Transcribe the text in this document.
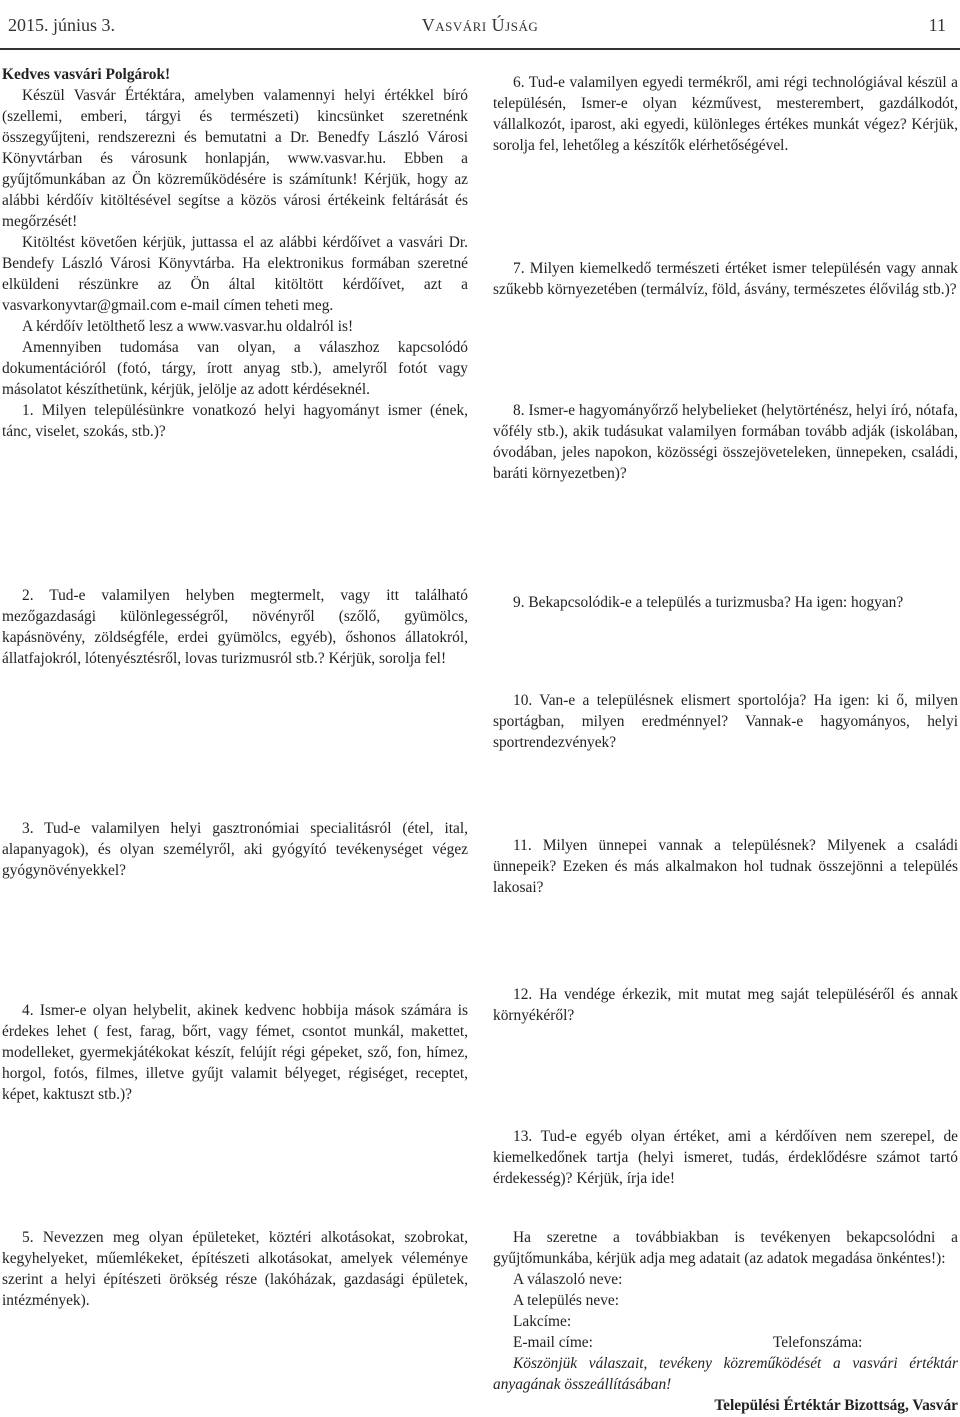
2015. június 3.	Vasvári Újság	11

Kedves vasvári Polgárok!

Készül Vasvár Értéktára, amelyben valamennyi helyi értékkel bíró (szellemi, emberi, tárgyi és természeti) kincsünket szeretnénk összegyűjteni, rendszerezni és bemutatni a Dr. Benedfy László Városi Könyvtárban és városunk honlapján, www.vasvar.hu. Ebben a gyűjtőmunkában az Ön közreműködésére is számítunk! Kérjük, hogy az alábbi kérdőív kitöltésével segítse a közös városi értékeink feltárását és megőrzését!

Kitöltést követően kérjük, juttassa el az alábbi kérdőívet a vasvári Dr. Bendefy László Városi Könyvtárba. Ha elektronikus formában szeretné elküldeni részünkre az Ön által kitöltött kérdőívet, azt a vasvarkonyvtar@gmail.com e-mail címen teheti meg.

A kérdőív letölthető lesz a www.vasvar.hu oldalról is!

Amennyiben tudomása van olyan, a válaszhoz kapcsolódó dokumentációról (fotó, tárgy, írott anyag stb.), amelyről fotót vagy másolatot készíthetünk, kérjük, jelölje az adott kérdéseknél.

1. Milyen településünkre vonatkozó helyi hagyományt ismer (ének, tánc, viselet, szokás, stb.)?

2. Tud-e valamilyen helyben megtermelt, vagy itt található mezőgazdasági különlegességről, növényről (szőlő, gyümölcs, kapásnövény, zöldségféle, erdei gyümölcs, egyéb), őshonos állatokról, állatfajokról, lótenyésztésről, lovas turizmusról stb.? Kérjük, sorolja fel!

3. Tud-e valamilyen helyi gasztronómiai specialitásról (étel, ital, alapanyagok), és olyan személyről, aki gyógyító tevékenységet végez gyógynövényekkel?

4. Ismer-e olyan helybelit, akinek kedvenc hobbija mások számára is érdekes lehet ( fest, farag, bőrt, vagy fémet, csontot munkál, makettet, modelleket, gyermekjátékokat készít, felújít régi gépeket, sző, fon, hímez, horgol, fotós, filmes, illetve gyűjt valamit bélyeget, régiséget, receptet, képet, kaktuszt stb.)?

5. Nevezzen meg olyan épületeket, köztéri alkotásokat, szobrokat, kegyhelyeket, műemlékeket, építészeti alkotásokat, amelyek véleménye szerint a helyi építészeti örökség része (lakóházak, gazdasági épületek, intézmények).

6. Tud-e valamilyen egyedi termékről, ami régi technológiával készül a településén, Ismer-e olyan kézművest, mesterembert, gazdálkodót, vállalkozót, iparost, aki egyedi, különleges értékes munkát végez? Kérjük, sorolja fel, lehetőleg a készítők elérhetőségével.

7. Milyen kiemelkedő természeti értéket ismer településén vagy annak szűkebb környezetében (termálvíz, föld, ásvány, természetes élővilág stb.)?

8. Ismer-e hagyományőrző helybelieket (helytörténész, helyi író, nótafa, vőfély stb.), akik tudásukat valamilyen formában tovább adják (iskolában, óvodában, jeles napokon, közösségi összejöveteleken, ünnepeken, családi, baráti környezetben)?

9. Bekapcsolódik-e a település a turizmusba? Ha igen: hogyan?

10. Van-e a településnek elismert sportolója? Ha igen: ki ő, milyen sportágban, milyen eredménnyel? Vannak-e hagyományos, helyi sportrendezvények?

11. Milyen ünnepei vannak a településnek? Milyenek a családi ünnepeik? Ezeken és más alkalmakon hol tudnak összejönni a település lakosai?

12. Ha vendége érkezik, mit mutat meg saját településéről és annak környékéről?

13. Tud-e egyéb olyan értéket, ami a kérdőíven nem szerepel, de kiemelkedőnek tartja (helyi ismeret, tudás, érdeklődésre számot tartó érdekesség)? Kérjük, írja ide!

Ha szeretne a továbbiakban is tevékenyen bekapcsolódni a gyűjtőmunkába, kérjük adja meg adatait (az adatok megadása önkéntes!):

A válaszoló neve:

A település neve:

Lakcíme:

E-mail címe:	Telefonszáma:

Köszönjük válaszait, tevékeny közreműködését a vasvári értéktár anyagának összeállításában!

Települési Értéktár Bizottság, Vasvár
